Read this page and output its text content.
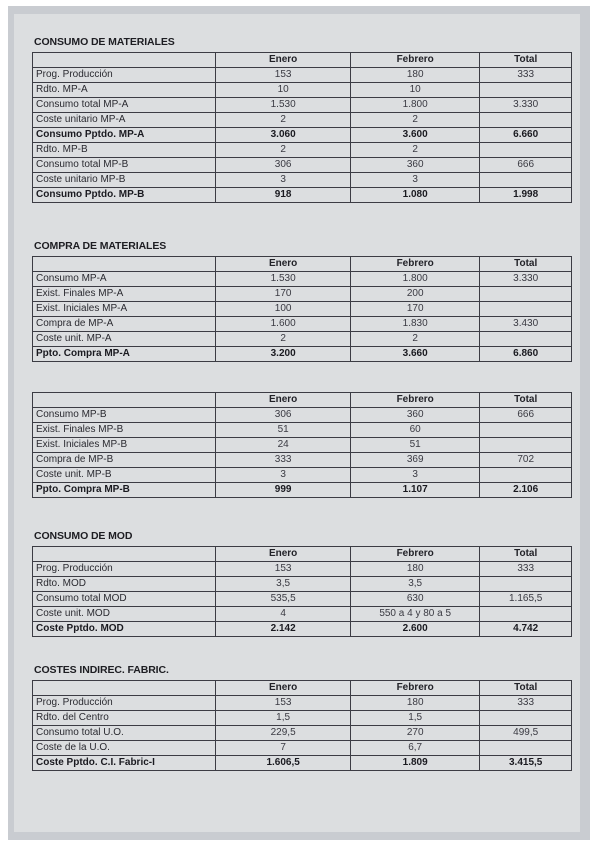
CONSUMO DE MATERIALES
	Enero	Febrero	Total
Prog. Producción	153	180	333
Rdto. MP-A	10	10	
Consumo total MP-A	1.530	1.800	3.330
Coste unitario MP-A	2	2	
Consumo Pptdo. MP-A	3.060	3.600	6.660
Rdto. MP-B	2	2	
Consumo total MP-B	306	360	666
Coste unitario MP-B	3	3	
Consumo Pptdo. MP-B	918	1.080	1.998
COMPRA DE MATERIALES
	Enero	Febrero	Total
Consumo MP-A	1.530	1.800	3.330
Exist. Finales MP-A	170	200	
Exist. Iniciales MP-A	100	170	
Compra de MP-A	1.600	1.830	3.430
Coste unit. MP-A	2	2	
Ppto. Compra MP-A	3.200	3.660	6.860
	Enero	Febrero	Total
Consumo MP-B	306	360	666
Exist. Finales MP-B	51	60	
Exist. Iniciales MP-B	24	51	
Compra de MP-B	333	369	702
Coste unit. MP-B	3	3	
Ppto. Compra MP-B	999	1.107	2.106
CONSUMO DE MOD
	Enero	Febrero	Total
Prog. Producción	153	180	333
Rdto. MOD	3,5	3,5	
Consumo total MOD	535,5	630	1.165,5
Coste unit. MOD	4	550 a 4 y 80 a 5	
Coste Pptdo. MOD	2.142	2.600	4.742
COSTES INDIREC. FABRIC.
	Enero	Febrero	Total
Prog. Producción	153	180	333
Rdto. del Centro	1,5	1,5	
Consumo total U.O.	229,5	270	499,5
Coste de la U.O.	7	6,7	
Coste Pptdo. C.I. Fabric-I	1.606,5	1.809	3.415,5
